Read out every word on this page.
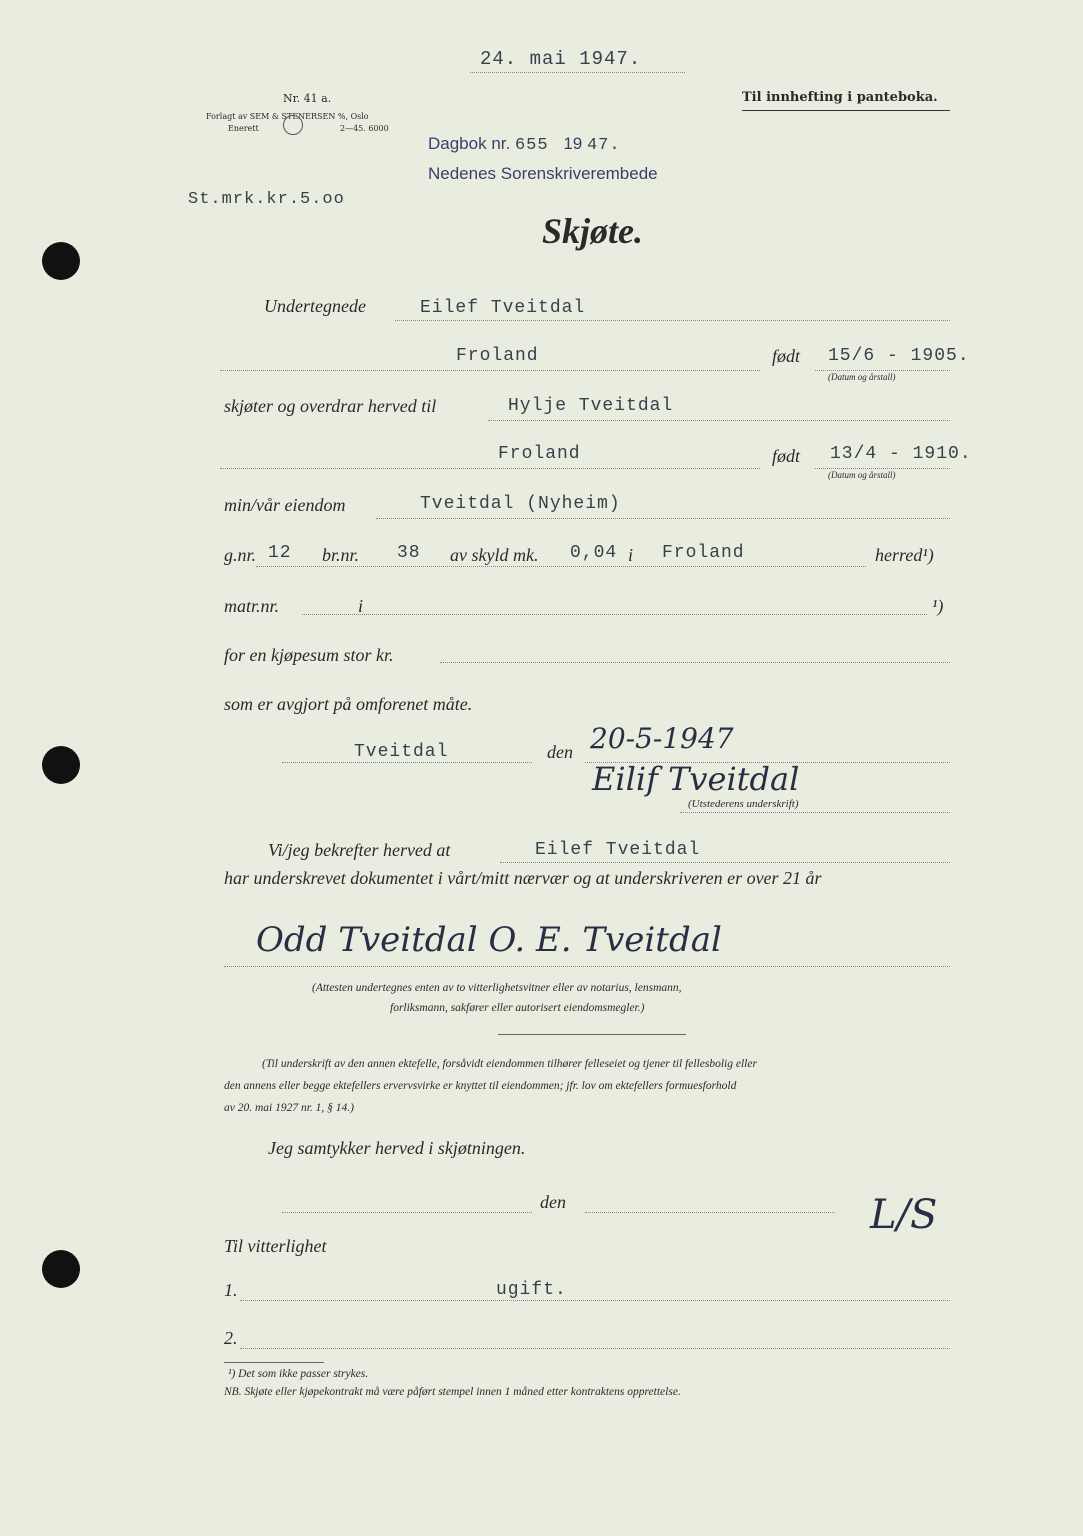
24. mai 1947.
Nr. 41 a.
Forlagt av SEM & STENERSEN %, Oslo
Enerett	2—45. 6000
Til innhefting i panteboka.
Dagbok nr. 655 19 47.
Nedenes Sorenskriverembede
St.mrk.kr.5.oo
Skjøte.
Undertegnede	Eilef Tveitdal
Froland	født 15/6 - 1905.
(Datum og årstall)
skjøter og overdrar herved til	Hylje Tveitdal
Froland	født 13/4 - 1910.
(Datum og årstall)
min/vår eiendom	Tveitdal (Nyheim)
g.nr. 12 br.nr. 38 av skyld mk. 0,04 i Froland	herred¹)
matr.nr.	i	¹)
for en kjøpesum stor kr.
som er avgjort på omforenet måte.
Tveitdal	den 20-5-1947
Eilif Tveitdal
(Utstederens underskrift)
Vi/jeg bekrefter herved at	Eilef Tveitdal
har underskrevet dokumentet i vårt/mitt nærvær og at underskriveren er over 21 år
Odd Tveitdal O. E. Tveitdal
(Attesten undertegnes enten av to vitterlighetsvitner eller av notarius, lensmann,
forliksmann, sakfører eller autorisert eiendomsmegler.)
(Til underskrift av den annen ektefelle, forsåvidt eiendommen tilhører felleseiet og tjener til fellesbolig eller
den annens eller begge ektefellers ervervsvirke er knyttet til eiendommen; jfr. lov om ektefellers formuesforhold
av 20. mai 1927 nr. 1, § 14.)
Jeg samtykker herved i skjøtningen.
den	L/S
Til vitterlighet
1.	ugift.
2.
¹) Det som ikke passer strykes.
NB. Skjøte eller kjøpekontrakt må være påført stempel innen 1 måned etter kontraktens opprettelse.
